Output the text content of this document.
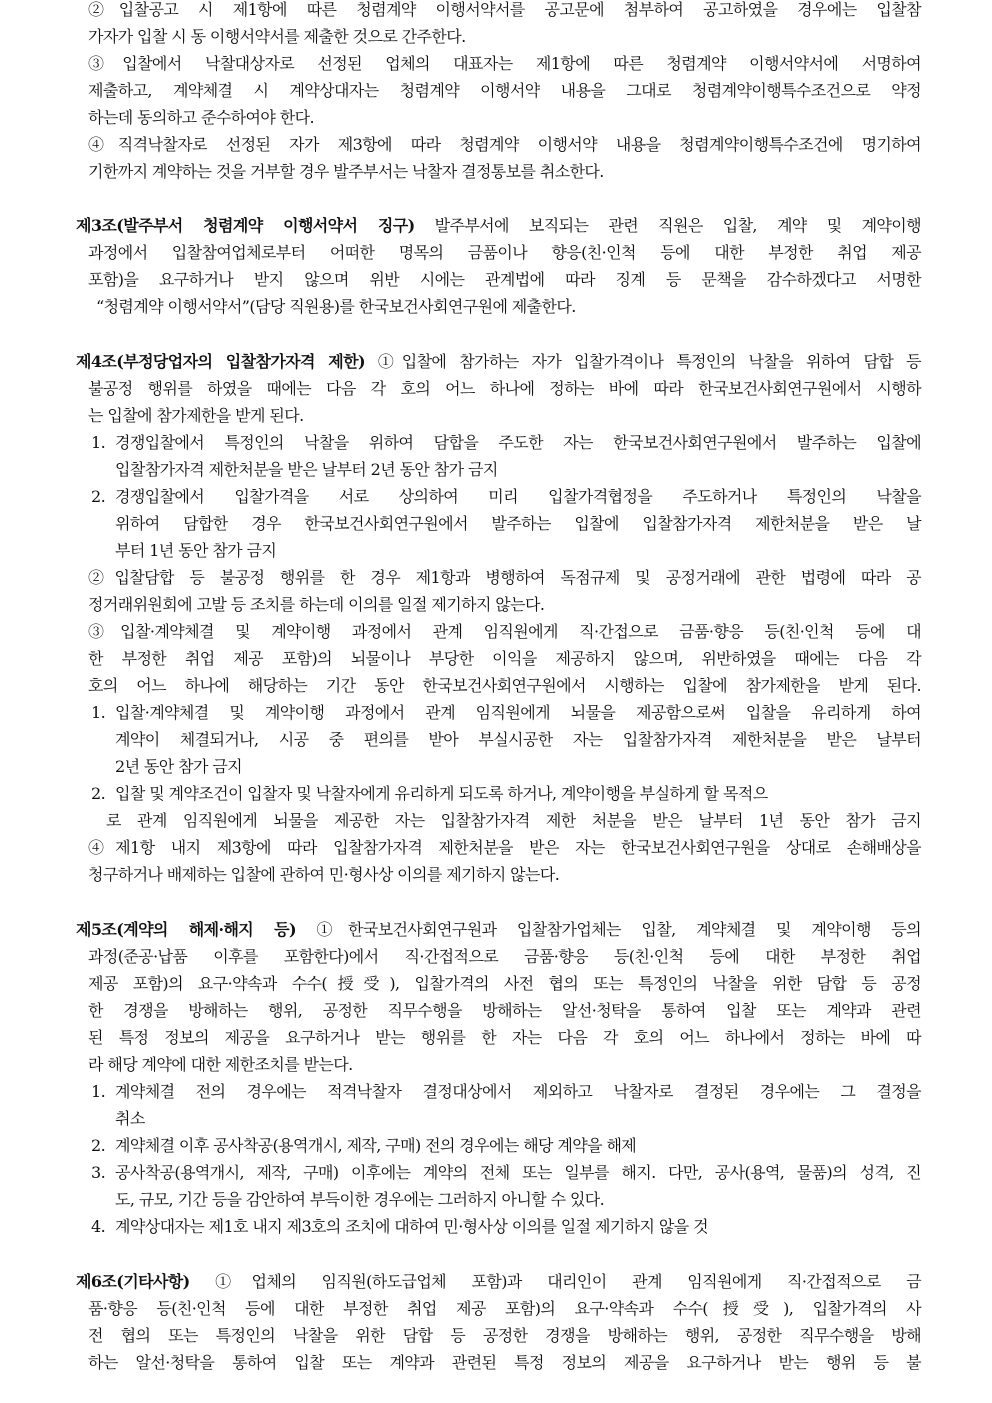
②입찰공고 시 제1항에 따른 청렴계약 이행서약서를 공고문에 첨부하여 공고하였을 경우에는 입찰참
가자가 입찰 시 동 이행서약서를 제출한 것으로 간주한다.
③입찰에서 낙찰대상자로 선정된 업체의 대표자는 제1항에 따른 청렴계약 이행서약서에 서명하여
제출하고, 계약체결 시 계약상대자는 청렴계약 이행서약 내용을 그대로 청렴계약이행특수조건으로 약정
하는데 동의하고 준수하여야 한다.
④직격낙찰자로 선정된 자가 제3항에 따라 청렴계약 이행서약 내용을 청렴계약이행특수조건에 명기하여
기한까지 계약하는 것을 거부할 경우 발주부서는 낙찰자 결정통보를 취소한다.
제3조(발주부서 청렴계약 이행서약서 징구) 발주부서에 보직되는 관련 직원은 입찰, 계약 및 계약이행
과정에서 입찰참여업체로부터 어떠한 명목의 금품이나 향응(친·인척 등에 대한 부정한 취업 제공
포함)을 요구하거나 받지 않으며 위반 시에는 관계법에 따라 징계 등 문책을 감수하겠다고 서명한
“청렴계약 이행서약서”(담당 직원용)를 한국보건사회연구원에 제출한다.
제4조(부정당업자의 입찰참가자격 제한) ①입찰에 참가하는 자가 입찰가격이나 특정인의 낙찰을 위하여 담합 등
불공정 행위를 하였을 때에는 다음 각 호의 어느 하나에 정하는 바에 따라 한국보건사회연구원에서 시행하
는 입찰에 참가제한을 받게 된다.
1. 경쟁입찰에서 특정인의 낙찰을 위하여 담합을 주도한 자는 한국보건사회연구원에서 발주하는 입찰에
입찰참가자격 제한처분을 받은 날부터 2년 동안 참가 금지
2. 경쟁입찰에서 입찰가격을 서로 상의하여 미리 입찰가격협정을 주도하거나 특정인의 낙찰을
위하여 담합한 경우 한국보건사회연구원에서 발주하는 입찰에 입찰참가자격 제한처분을 받은 날
부터 1년 동안 참가 금지
②입찰담합 등 불공정 행위를 한 경우 제1항과 병행하여 독점규제 및 공정거래에 관한 법령에 따라 공
정거래위원회에 고발 등 조치를 하는데 이의를 일절 제기하지 않는다.
③입찰·계약체결 및 계약이행 과정에서 관계 임직원에게 직·간접으로 금품·향응 등(친·인척 등에 대
한 부정한 취업 제공 포함)의 뇌물이나 부당한 이익을 제공하지 않으며, 위반하였을 때에는 다음 각
호의 어느 하나에 해당하는 기간 동안 한국보건사회연구원에서 시행하는 입찰에 참가제한을 받게 된다.
1. 입찰·계약체결 및 계약이행 과정에서 관계 임직원에게 뇌물을 제공함으로써 입찰을 유리하게 하여
계약이 체결되거나, 시공 중 편의를 받아 부실시공한 자는 입찰참가자격 제한처분을 받은 날부터
2년 동안 참가 금지
2. 입찰 및 계약조건이 입찰자 및 낙찰자에게 유리하게 되도록 하거나, 계약이행을 부실하게 할 목적으
로 관계 임직원에게 뇌물을 제공한 자는 입찰참가자격 제한 처분을 받은 날부터 1년 동안 참가 금지
④제1항 내지 제3항에 따라 입찰참가자격 제한처분을 받은 자는 한국보건사회연구원을 상대로 손해배상을
청구하거나 배제하는 입찰에 관하여 민·형사상 이의를 제기하지 않는다.
제5조(계약의 해제·해지 등) ①한국보건사회연구원과 입찰참가업체는 입찰, 계약체결 및 계약이행 등의
과정(준공·납품 이후를 포함한다)에서 직·간접적으로 금품·향응 등(친·인척 등에 대한 부정한 취업
제공 포함)의 요구·약속과 수수(授受), 입찰가격의 사전 협의 또는 특정인의 낙찰을 위한 담합 등 공정
한 경쟁을 방해하는 행위, 공정한 직무수행을 방해하는 알선·청탁을 통하여 입찰 또는 계약과 관련
된 특정 정보의 제공을 요구하거나 받는 행위를 한 자는 다음 각 호의 어느 하나에서 정하는 바에 따
라 해당 계약에 대한 제한조치를 받는다.
1. 계약체결 전의 경우에는 적격낙찰자 결정대상에서 제외하고 낙찰자로 결정된 경우에는 그 결정을
취소
2. 계약체결 이후 공사착공(용역개시, 제작, 구매) 전의 경우에는 해당 계약을 해제
3. 공사착공(용역개시, 제작, 구매) 이후에는 계약의 전체 또는 일부를 해지. 다만, 공사(용역, 물품)의 성격, 진
도, 규모, 기간 등을 감안하여 부득이한 경우에는 그러하지 아니할 수 있다.
4. 계약상대자는 제1호 내지 제3호의 조치에 대하여 민·형사상 이의를 일절 제기하지 않을 것
제6조(기타사항) ①업체의 임직원(하도급업체 포함)과 대리인이 관계 임직원에게 직·간접적으로 금
품·향응 등(친·인척 등에 대한 부정한 취업 제공 포함)의 요구·약속과 수수(授受), 입찰가격의 사
전 협의 또는 특정인의 낙찰을 위한 담합 등 공정한 경쟁을 방해하는 행위, 공정한 직무수행을 방해
하는 알선·청탁을 통하여 입찰 또는 계약과 관련된 특정 정보의 제공을 요구하거나 받는 행위 등 불
